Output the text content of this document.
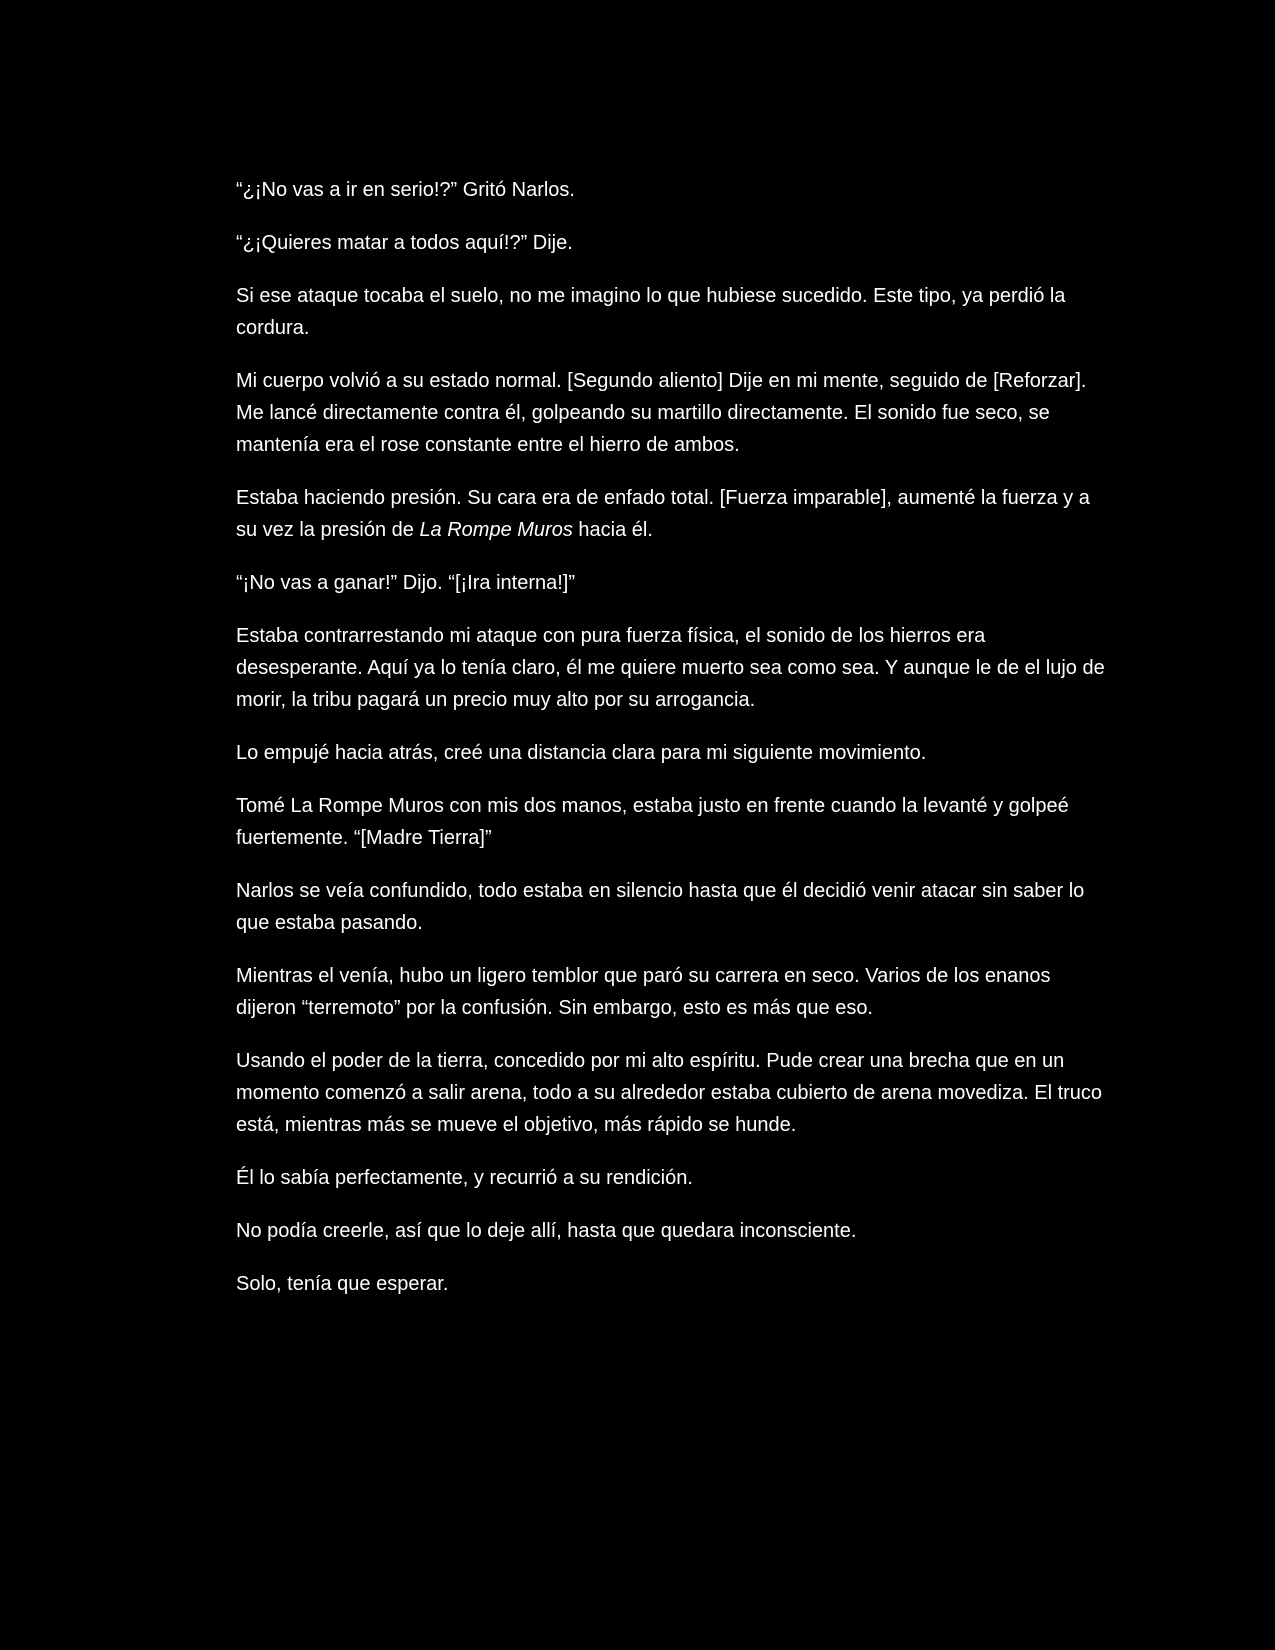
“¿¡No vas a ir en serio!?” Gritó Narlos.

“¿¡Quieres matar a todos aquí!?” Dije.

Si ese ataque tocaba el suelo, no me imagino lo que hubiese sucedido. Este tipo, ya perdió la cordura.

Mi cuerpo volvió a su estado normal. [Segundo aliento] Dije en mi mente, seguido de [Reforzar]. Me lancé directamente contra él, golpeando su martillo directamente. El sonido fue seco, se mantenía era el rose constante entre el hierro de ambos.

Estaba haciendo presión. Su cara era de enfado total. [Fuerza imparable], aumenté la fuerza y a su vez la presión de La Rompe Muros hacia él.

“¡No vas a ganar!” Dijo. “[¡Ira interna!]”

Estaba contrarrestando mi ataque con pura fuerza física, el sonido de los hierros era desesperante. Aquí ya lo tenía claro, él me quiere muerto sea como sea. Y aunque le de el lujo de morir, la tribu pagará un precio muy alto por su arrogancia.

Lo empujé hacia atrás, creé una distancia clara para mi siguiente movimiento.

Tomé La Rompe Muros con mis dos manos, estaba justo en frente cuando la levanté y golpeé fuertemente. “[Madre Tierra]”

Narlos se veía confundido, todo estaba en silencio hasta que él decidió venir atacar sin saber lo que estaba pasando.

Mientras el venía, hubo un ligero temblor que paró su carrera en seco. Varios de los enanos dijeron “terremoto” por la confusión. Sin embargo, esto es más que eso.

Usando el poder de la tierra, concedido por mi alto espíritu. Pude crear una brecha que en un momento comenzó a salir arena, todo a su alrededor estaba cubierto de arena movediza. El truco está, mientras más se mueve el objetivo, más rápido se hunde.

Él lo sabía perfectamente, y recurrió a su rendición.

No podía creerle, así que lo deje allí, hasta que quedara inconsciente.

Solo, tenía que esperar.
